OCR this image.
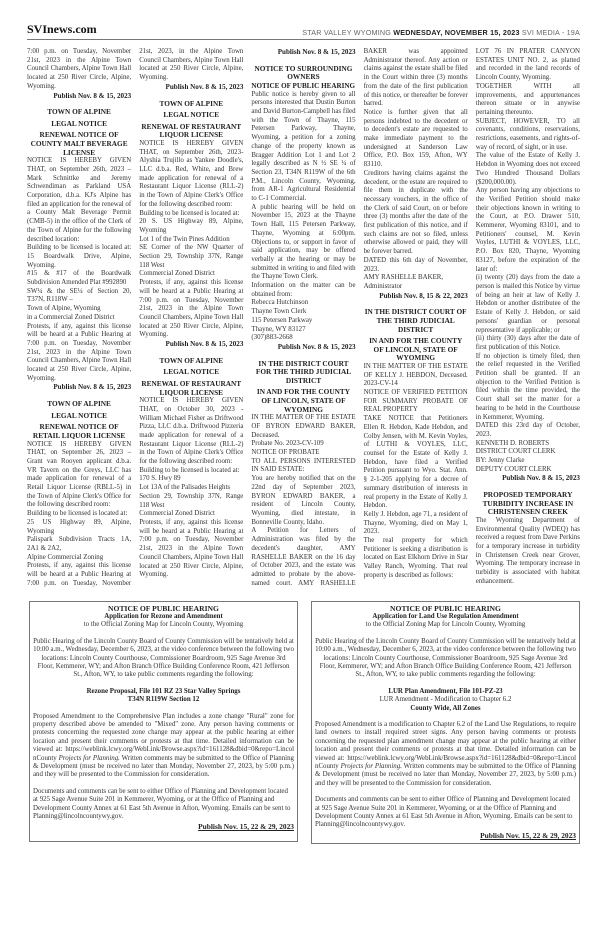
SVInews.com	STAR VALLEY WYOMING WEDNESDAY, NOVEMBER 15, 2023 SVI MEDIA - 19A

7:00 p.m. on Tuesday, November 21st, 2023 in the Alpine Town Council Chambers, Alpine Town Hall located at 250 River Circle, Alpine, Wyoming.

Publish Nov. 8 & 15, 2023
TOWN OF ALPINE
LEGAL NOTICE
RENEWAL NOTICE OF COUNTY MALT BEVERAGE LICENSE

NOTICE IS HEREBY GIVEN THAT, on September 26th, 2023 –Mark Schnittke and Jeremy Schwendiman as Parkland USA Corporation, d.b.a. KJ's Alpine has filed an application for the renewal of a County Malt Beverage Permit (CMB-5) in the office of the Clerk of the Town of Alpine for the following described location:

Building to be licensed is located at: 15 Boardwalk Drive, Alpine, Wyoming.

#15 & #17 of the Boardwalk Subdivision Amended Plat #992890

SW¼ & the SE¼ of Section 20, T37N, R118W –

Town of Alpine, Wyoming

in a Commercial Zoned District

Protests, if any, against this license will be heard at a Public Hearing at 7:00 p.m. on Tuesday, November 21st, 2023 in the Alpine Town Council Chambers, Alpine Town Hall located at 250 River Circle, Alpine, Wyoming.

Publish Nov. 8 & 15, 2023
TOWN OF ALPINE
LEGAL NOTICE
RENEWAL NOTICE OF RETAIL LIQUOR LICENSE

NOTICE IS HEREBY GIVEN THAT, on September 26, 2023 – Grant van Rooyen applicant d.b.a. VR Tavern on the Greys, LLC has made application for renewal of a Retail Liquor License (RBLL-5) in the Town of Alpine Clerk's Office for the following described room:

Building to be licensed is located at:

25 US Highway 89, Alpine, Wyoming

Palispark Subdivision Tracts 1A, 2A1 & 2A2,

Alpine Commercial Zoning

Protests, if any, against this license will be heard at a Public Hearing at 7:00 p.m. on Tuesday, November 21st, 2023, in the Alpine Town Council Chambers, Alpine Town Hall located at 250 River Circle, Alpine, Wyoming.

Publish Nov. 8 & 15, 2023
TOWN OF ALPINE
LEGAL NOTICE
RENEWAL OF RESTAURANT LIQUOR LICENSE

NOTICE IS HEREBY GIVEN THAT, on September 26th, 2023- Alyshia Trujillo as Yankee Doodle's, LLC d.b.a. Red, White, and Brew made application for renewal of a Restaurant Liquor License (RLL-2) in the Town of Alpine Clerk's Office for the following described room:

Building to be licensed is located at:

20 S. US Highway 89, Alpine, Wyoming

Lot 1 of the Twin Pines Addition

SE Corner of the NW Quarter of Section 29, Township 37N, Range 118 West

Commercial Zoned District

Protests, if any, against this license will be heard at a Public Hearing at 7:00 p.m. on Tuesday, November 21st, 2023 in the Alpine Town Council Chambers, Alpine Town Hall located at 250 River Circle, Alpine, Wyoming.

Publish Nov. 8 & 15, 2023
TOWN OF ALPINE
LEGAL NOTICE
RENEWAL OF RESTAURANT LIQUOR LICENSE

NOTICE IS HEREBY GIVEN THAT, on October 30, 2023 - William Michael Fisher as Driftwood Pizza, LLC d.b.a. Driftwood Pizzeria made application for renewal of a Restaurant Liquor License (RLL-2) in the Town of Alpine Clerk's Office for the following described room:

Building to be licensed is located at:

170 S. Hwy 89

Lot 13A of the Palisades Heights

Section 29, Township 37N, Range 118 West

Commercial Zoned District

Protests, if any, against this license will be heard at a Public Hearing at 7:00 p.m. on Tuesday, November 21st, 2023 in the Alpine Town Council Chambers, Alpine Town Hall located at 250 River Circle, Alpine, Wyoming.

Publish Nov. 8 & 15, 2023
NOTICE TO SURROUNDING OWNERS
NOTICE OF PUBLIC HEARING

Public notice is hereby given to all persons interested that Dustin Burton and David Burton-Campbell has filed with the Town of Thayne, 115 Petersen Parkway, Thayne, Wyoming, a petition for a zoning change of the property known as Bragger Addition Lot 1 and Lot 2 legally described as N ½ SE ¼ of Section 23, T34N R119W of the 6th P.M., Lincoln County, Wyoming, from AR-1 Agricultural Residential to C-1 Commercial.

A public hearing will be held on November 15, 2023 at the Thayne Town Hall, 115 Petersen Parkway, Thayne, Wyoming at 6:00pm. Objections to, or support in favor of said application, may be offered verbally at the hearing or may be submitted in writing to and filed with the Thayne Town Clerk.

Information on the matter can be obtained from:

Rebecca Hutchinson

Thayne Town Clerk

115 Petersen Parkway

Thayne, WY 83127

(307)883-2668

Publish Nov. 8 & 15, 2023
IN THE DISTRICT COURT FOR THE THIRD JUDICIAL DISTRICT
IN AND FOR THE COUNTY OF LINCOLN, STATE OF WYOMING

IN THE MATTER OF THE ESTATE OF BYRON EDWARD BAKER, Deceased.

Probate No. 2023-CV-109

NOTICE OF PROBATE

TO ALL PERSONS INTERESTED IN SAID ESTATE:

You are hereby notified that on the 22nd day of September 2023, BYRON EDWARD BAKER, a resident of Lincoln County, Wyoming, died intestate, in Bonneville County, Idaho.

A Petition for Letters of Administration was filed by the decedent's daughter, AMY RASHELLE BAKER on the 16 day of October 2023, and the estate was admitted to probate by the above-named court. AMY RASHELLE BAKER was appointed Administrator thereof. Any action or claims against the estate shall be filed in the Court within three (3) months from the date of the first publication of this notice, or thereafter be forever barred.

Notice is further given that all persons indebted to the decedent or to decedent's estate are requested to make immediate payment to the undersigned at Sanderson Law Office, P.O. Box 159, Afton, WY 83110.

Creditors having claims against the decedent, or the estate are required to file them in duplicate with the necessary vouchers, in the office of the Clerk of said Court, on or before three (3) months after the date of the first publication of this notice, and if such claims are not so filed, unless otherwise allowed or paid, they will be forever barred.

DATED this 6th day of November, 2023.

AMY RASHELLE BAKER,

Administrator

Publish Nov. 8, 15 & 22, 2023
IN THE DISTRICT COURT OF THE THIRD JUDICIAL DISTRICT
IN AND FOR THE COUNTY OF LINCOLN, STATE OF WYOMING

IN THE MATTER OF THE ESTATE OF KELLY J. HEBDON, Deceased. 2023-CV-14

NOTICE OF VERIFIED PETITION FOR SUMMARY PROBATE OF REAL PROPERTY

TAKE NOTICE that Petitioners Ellen R. Hebdon, Kade Hebdon, and Colby Jensen, with M. Kevin Voyles, of LUTHI & VOYLES, LLC, counsel for the Estate of Kelly J. Hebdon, have filed a Verified Petition pursuant to Wyo. Stat. Ann. § 2-1-205 applying for a decree of summary distribution of interests in real property in the Estate of Kelly J. Hebdon.

Kelly J. Hebdon, age 71, a resident of Thayne, Wyoming, died on May 1, 2023.

The real property for which Petitioner is seeking a distribution is located on East Elkhorn Drive in Star Valley Ranch, Wyoming. That real property is described as follows:

LOT 76 IN PRATER CANYON ESTATES UNIT NO. 2, as platted and recorded in the land records of Lincoln County, Wyoming.

TOGETHER WITH all improvements, and appurtenances thereon situate or in anywise pertaining thereunto.

SUBJECT, HOWEVER, TO all covenants, conditions, reservations, restrictions, easements, and rights-of-way of record, of sight, or in use.

The value of the Estate of Kelly J. Hebdon in Wyoming does not exceed Two Hundred Thousand Dollars ($200,000.00).

Any person having any objections to the Verified Petition should make their objections known in writing to the Court, at P.O. Drawer 510, Kemmerer, Wyoming 83101, and to Petitioners' counsel, M. Kevin Voyles, LUTHI & VOYLES, LLC, P.O. Box 820, Thayne, Wyoming 83127, before the expiration of the later of:

(i) twenty (20) days from the date a person is mailed this Notice by virtue of being an heir at law of Kelly J. Hebdon or another distributee of the Estate of Kelly J. Hebdon, or said persons' guardian or personal representative if applicable; or

(ii) thirty (30) days after the date of first publication of this Notice.

If no objection is timely filed, then the relief requested in the Verified Petition shall be granted. If an objection to the Verified Petition is filed within the time provided, the Court shall set the matter for a hearing to be held in the Courthouse in Kemmerer, Wyoming.

DATED this 23rd day of October, 2023.

KENNETH D. ROBERTS

DISTRICT COURT CLERK

BY: Jenny Clarke

DEPUTY COURT CLERK

Publish Nov. 8 & 15, 2023
PROPOSED TEMPORARY TURBIDITY INCREASE IN CHRISTENSEN CREEK

The Wyoming Department of Environmental Quality (WDEQ) has received a request from Dave Perkins for a temporary increase in turbidity in Christensen Creek near Grover, Wyoming. The temporary increase in turbidity is associated with habitat enhancement.

NOTICE OF PUBLIC HEARING
Application for Rezone and Amendment
to the Official Zoning Map for Lincoln County, Wyoming

Public Hearing of the Lincoln County Board of County Commission will be tentatively held at 10:00 a.m., Wednesday, December 6, 2023, at the video conference between the following two locations: Lincoln County Courthouse, Commissioner Boardroom, 925 Sage Avenue 3rd Floor, Kemmerer, WY; and Afton Branch Office Building Conference Room, 421 Jefferson St., Afton, WY, to take public comments regarding the following:

Rezone Proposal, File 101 RZ 23 Star Valley Springs
T34N R119W Section 12

Proposed Amendment to the Comprehensive Plan includes a zone change "Rural" zone for property described above be amended to "Mixed" zone. Any person having comments or protests concerning the requested zone change may appear at the public hearing at either location and present their comments or protests at that time. Detailed information can be viewed at: https://weblink.lcwy.org/WebLink/Browse.aspx?id=161128&dbid=0&repo=LincolnCounty Projects for Planning. Written comments may be submitted to the Office of Planning & Development (must be received no later than Monday, November 27, 2023, by 5:00 p.m.) and they will be presented to the Commission for consideration.

Documents and comments can be sent to either Office of Planning and Development located at 925 Sage Avenue Suite 201 in Kemmerer, Wyoming, or at the Office of Planning and Development County Annex at 61 East 5th Avenue in Afton, Wyoming. Emails can be sent to Planning@lincolncountywy.gov.

Publish Nov. 15, 22 & 29, 2023
NOTICE OF PUBLIC HEARING
Application for Land Use Regulation Amendment
to the Official Zoning Map for Lincoln County, Wyoming

Public Hearing of the Lincoln County Board of County Commission will be tentatively held at 10:00 a.m., Wednesday, December 6, 2023, at the video conference between the following two locations: Lincoln County Courthouse, Commissioner Boardroom, 925 Sage Avenue 3rd Floor, Kemmerer, WY; and Afton Branch Office Building Conference Room, 421 Jefferson St., Afton, WY, to take public comments regarding the following:

LUR Plan Amendment, File 101-PZ-23
LUR Amendment - Modification to Chapter 6.2
County Wide, All Zones

Proposed Amendment is a modification to Chapter 6.2 of the Land Use Regulations, to require land owners to install required street signs. Any person having comments or protests concerning the requested plan amendment change may appear at the public hearing at either location and present their comments or protests at that time. Detailed information can be viewed at: https://weblink.lcwy.org/WebLink/Browse.aspx?id=161128&dbid=0&repo=LincolnCounty Projects for Planning. Written comments may be submitted to the Office of Planning & Development (must be received no later than Monday, November 27, 2023, by 5:00 p.m.) and they will be presented to the Commission for consideration.

Documents and comments can be sent to either Office of Planning and Development located at 925 Sage Avenue Suite 201 in Kemmerer, Wyoming, or at the Office of Planning and Development County Annex at 61 East 5th Avenue in Afton, Wyoming. Emails can be sent to Planning@lincolncountywy.gov.

Publish Nov. 15, 22 & 29, 2023
